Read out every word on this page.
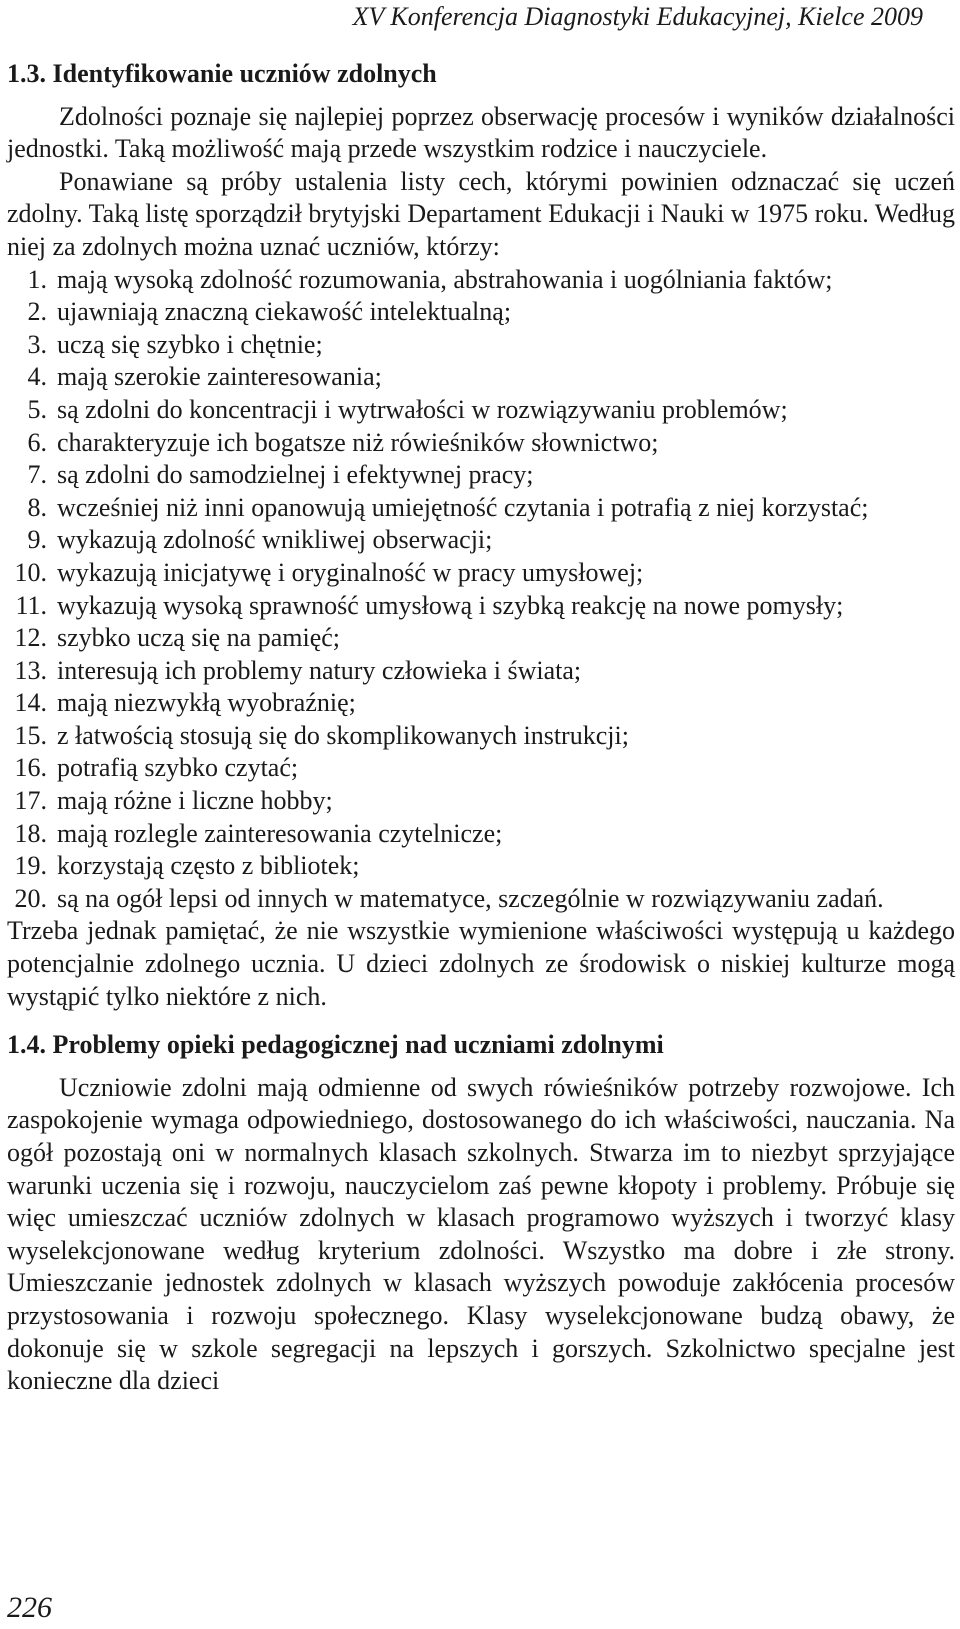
XV Konferencja Diagnostyki Edukacyjnej, Kielce 2009
1.3. Identyfikowanie uczniów zdolnych

Zdolności poznaje się najlepiej poprzez obserwację procesów i wyników działalności jednostki. Taką możliwość mają przede wszystkim rodzice i nauczyciele.

Ponawiane są próby ustalenia listy cech, którymi powinien odznaczać się uczeń zdolny. Taką listę sporządził brytyjski Departament Edukacji i Nauki w 1975 roku. Według niej za zdolnych można uznać uczniów, którzy:

1. mają wysoką zdolność rozumowania, abstrahowania i uogólniania faktów;
2. ujawniają znaczną ciekawość intelektualną;
3. uczą się szybko i chętnie;
4. mają szerokie zainteresowania;
5. są zdolni do koncentracji i wytrwałości w rozwiązywaniu problemów;
6. charakteryzuje ich bogatsze niż rówieśników słownictwo;
7. są zdolni do samodzielnej i efektywnej pracy;
8. wcześniej niż inni opanowują umiejętność czytania i potrafią z niej korzystać;
9. wykazują zdolność wnikliwej obserwacji;
10. wykazują inicjatywę i oryginalność w pracy umysłowej;
11. wykazują wysoką sprawność umysłową i szybką reakcję na nowe pomysły;
12. szybko uczą się na pamięć;
13. interesują ich problemy natury człowieka i świata;
14. mają niezwykłą wyobraźnię;
15. z łatwością stosują się do skomplikowanych instrukcji;
16. potrafią szybko czytać;
17. mają różne i liczne hobby;
18. mają rozlegle zainteresowania czytelnicze;
19. korzystają często z bibliotek;
20. są na ogół lepsi od innych w matematyce, szczególnie w rozwiązywaniu zadań.

Trzeba jednak pamiętać, że nie wszystkie wymienione właściwości występują u każdego potencjalnie zdolnego ucznia. U dzieci zdolnych ze środowisk o niskiej kulturze mogą wystąpić tylko niektóre z nich.

1.4. Problemy opieki pedagogicznej nad uczniami zdolnymi

Uczniowie zdolni mają odmienne od swych rówieśników potrzeby rozwojowe. Ich zaspokojenie wymaga odpowiedniego, dostosowanego do ich właściwości, nauczania. Na ogół pozostają oni w normalnych klasach szkolnych. Stwarza im to niezbyt sprzyjające warunki uczenia się i rozwoju, nauczycielom zaś pewne kłopoty i problemy. Próbuje się więc umieszczać uczniów zdolnych w klasach programowo wyższych i tworzyć klasy wyselekcjonowane według kryterium zdolności. Wszystko ma dobre i złe strony. Umieszczanie jednostek zdolnych w klasach wyższych powoduje zakłócenia procesów przystosowania i rozwoju społecznego. Klasy wyselekcjonowane budzą obawy, że dokonuje się w szkole segregacji na lepszych i gorszych. Szkolnictwo specjalne jest konieczne dla dzieci

226
